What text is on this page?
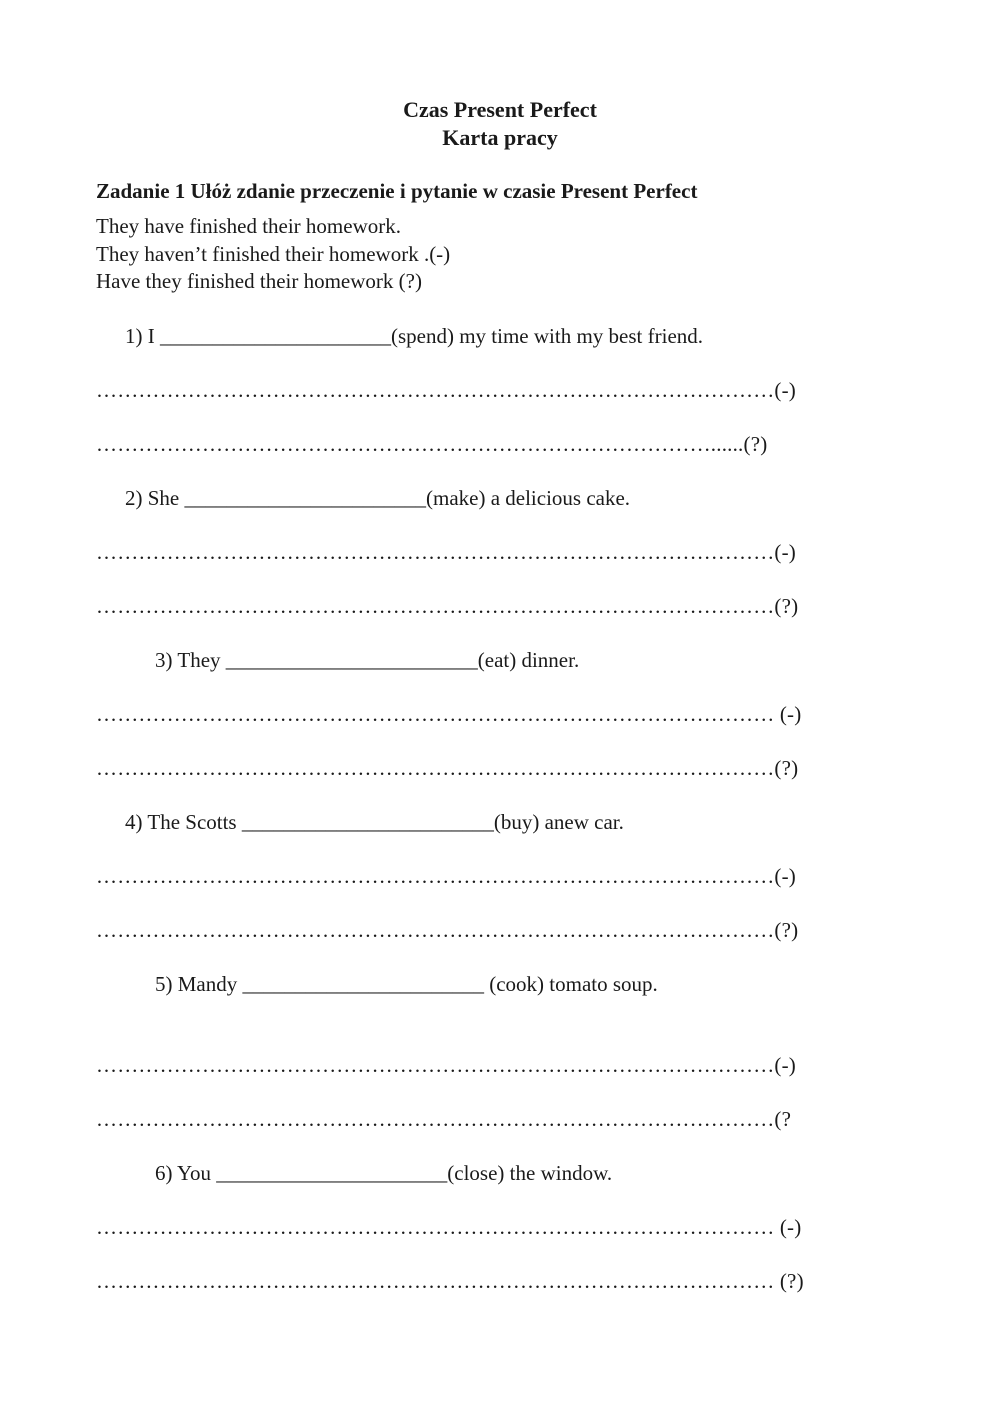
Czas Present Perfect
Karta pracy
Zadanie 1 Ułóż zdanie przeczenie i pytanie w czasie Present Perfect
They have finished their homework.
They haven’t finished their homework .(-)
Have they finished their homework (?)
1) I ______________________(spend) my time with my best friend.
……………………………………………………………………………………(-)
……………………………………………………………………………......(?)
2) She _______________________(make) a delicious cake.
……………………………………………………………………………………(-)
……………………………………………………………………………………(?)
3) They ________________________(eat) dinner.
…………………………………………………………………………………… (-)
……………………………………………………………………………………(?)
4) The Scotts ________________________(buy) anew car.
……………………………………………………………………………………(-)
……………………………………………………………………………………(?)
5) Mandy _______________________ (cook) tomato soup.
……………………………………………………………………………………(-)
……………………………………………………………………………………(?
6) You ______________________(close) the window.
…………………………………………………………………………………… (-)
…………………………………………………………………………………… (?)
